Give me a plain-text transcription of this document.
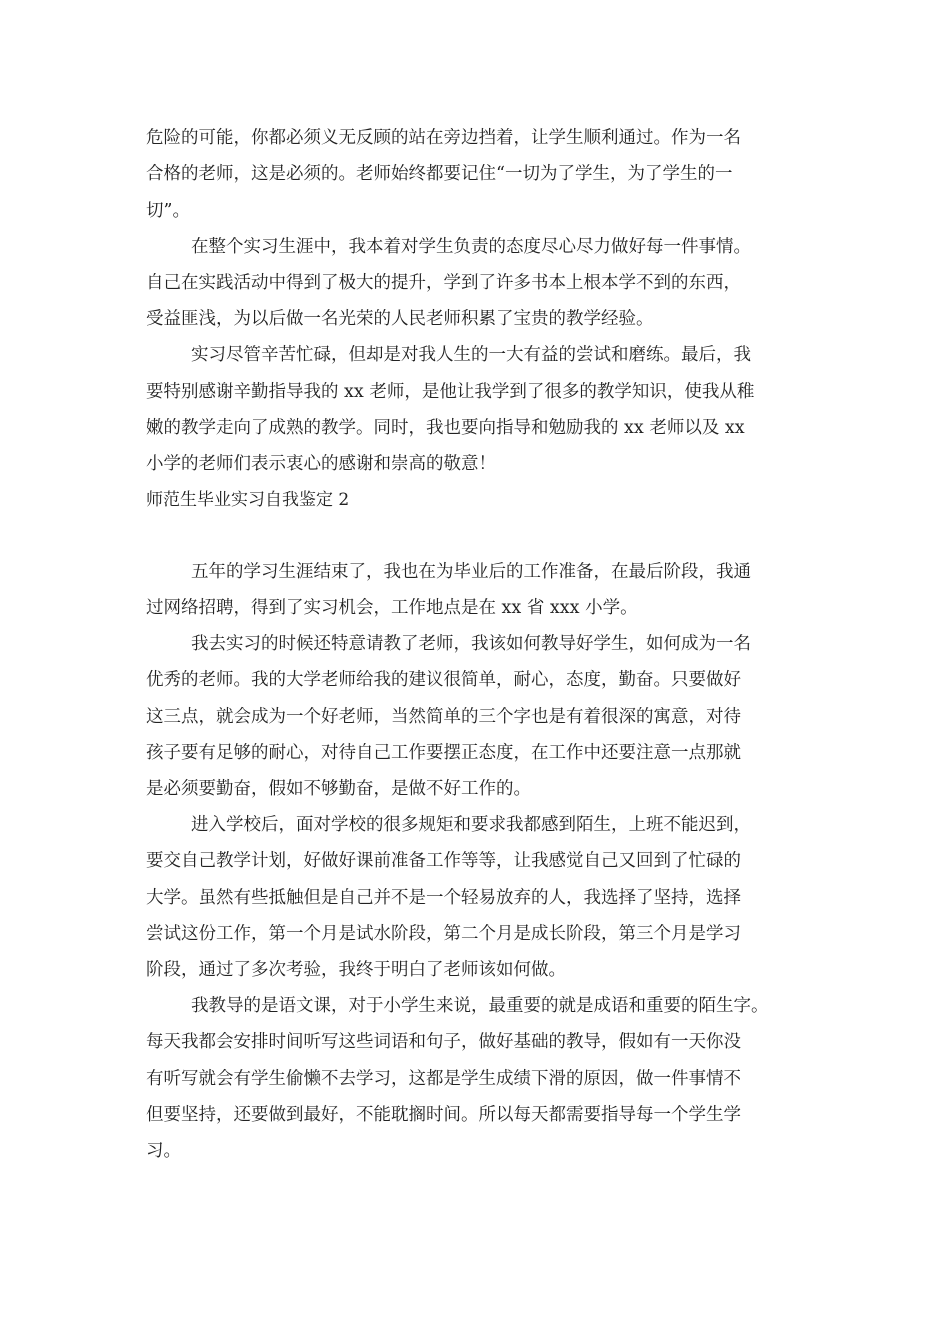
危险的可能，你都必须义无反顾的站在旁边挡着，让学生顺利通过。作为一名

合格的老师，这是必须的。老师始终都要记住“一切为了学生，为了学生的一

切”。

在整个实习生涯中，我本着对学生负责的态度尽心尽力做好每一件事情。

自己在实践活动中得到了极大的提升，学到了许多书本上根本学不到的东西，

受益匪浅，为以后做一名光荣的人民老师积累了宝贵的教学经验。

实习尽管辛苦忙碌，但却是对我人生的一大有益的尝试和磨练。最后，我

要特别感谢辛勤指导我的 xx 老师，是他让我学到了很多的教学知识，使我从稚

嫩的教学走向了成熟的教学。同时，我也要向指导和勉励我的 xx 老师以及 xx

小学的老师们表示衷心的感谢和崇高的敬意！

师范生毕业实习自我鉴定 2

五年的学习生涯结束了，我也在为毕业后的工作准备，在最后阶段，我通

过网络招聘，得到了实习机会，工作地点是在 xx 省 xxx 小学。

我去实习的时候还特意请教了老师，我该如何教导好学生，如何成为一名

优秀的老师。我的大学老师给我的建议很简单，耐心，态度，勤奋。只要做好

这三点，就会成为一个好老师，当然简单的三个字也是有着很深的寓意，对待

孩子要有足够的耐心，对待自己工作要摆正态度，在工作中还要注意一点那就

是必须要勤奋，假如不够勤奋，是做不好工作的。

进入学校后，面对学校的很多规矩和要求我都感到陌生，上班不能迟到，

要交自己教学计划，好做好课前准备工作等等，让我感觉自己又回到了忙碌的

大学。虽然有些抵触但是自己并不是一个轻易放弃的人，我选择了坚持，选择

尝试这份工作，第一个月是试水阶段，第二个月是成长阶段，第三个月是学习

阶段，通过了多次考验，我终于明白了老师该如何做。

我教导的是语文课，对于小学生来说，最重要的就是成语和重要的陌生字。

每天我都会安排时间听写这些词语和句子，做好基础的教导，假如有一天你没

有听写就会有学生偷懒不去学习，这都是学生成绩下滑的原因，做一件事情不

但要坚持，还要做到最好，不能耽搁时间。所以每天都需要指导每一个学生学

习。
